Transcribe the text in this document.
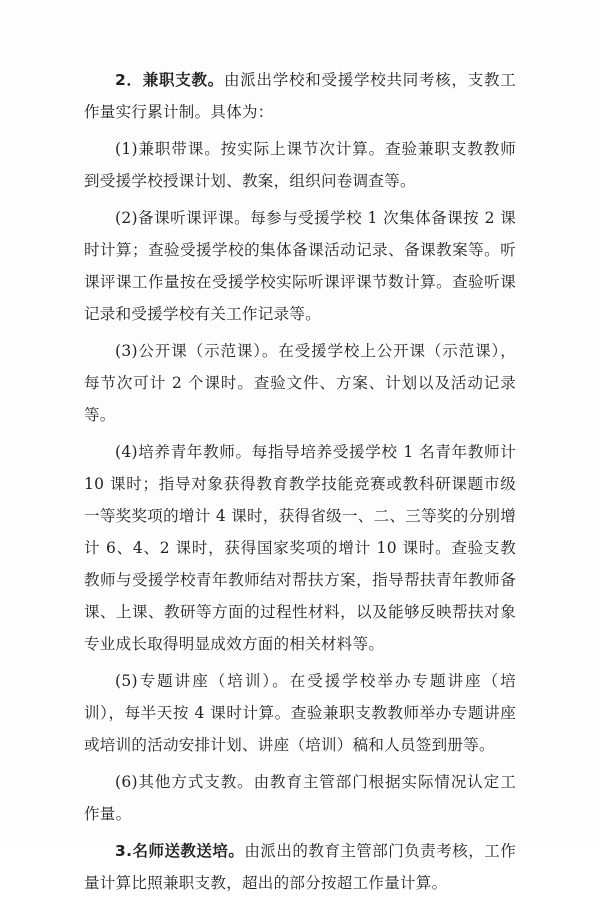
2．兼职支教。由派出学校和受援学校共同考核，支教工作量实行累计制。具体为：

(1)兼职带课。按实际上课节次计算。查验兼职支教教师到受援学校授课计划、教案，组织问卷调查等。

(2)备课听课评课。每参与受援学校 1 次集体备课按 2 课时计算；查验受援学校的集体备课活动记录、备课教案等。听课评课工作量按在受援学校实际听课评课节数计算。查验听课记录和受援学校有关工作记录等。

(3)公开课（示范课）。在受援学校上公开课（示范课），每节次可计 2 个课时。查验文件、方案、计划以及活动记录等。

(4)培养青年教师。每指导培养受援学校 1 名青年教师计10 课时；指导对象获得教育教学技能竞赛或教科研课题市级一等奖奖项的增计 4 课时，获得省级一、二、三等奖的分别增计 6、4、2 课时，获得国家奖项的增计 10 课时。查验支教教师与受援学校青年教师结对帮扶方案，指导帮扶青年教师备课、上课、教研等方面的过程性材料，以及能够反映帮扶对象专业成长取得明显成效方面的相关材料等。

(5)专题讲座（培训）。在受援学校举办专题讲座（培训），每半天按 4 课时计算。查验兼职支教教师举办专题讲座或培训的活动安排计划、讲座（培训）稿和人员签到册等。

(6)其他方式支教。由教育主管部门根据实际情况认定工作量。

3.名师送教送培。由派出的教育主管部门负责考核，工作量计算比照兼职支教，超出的部分按超工作量计算。
